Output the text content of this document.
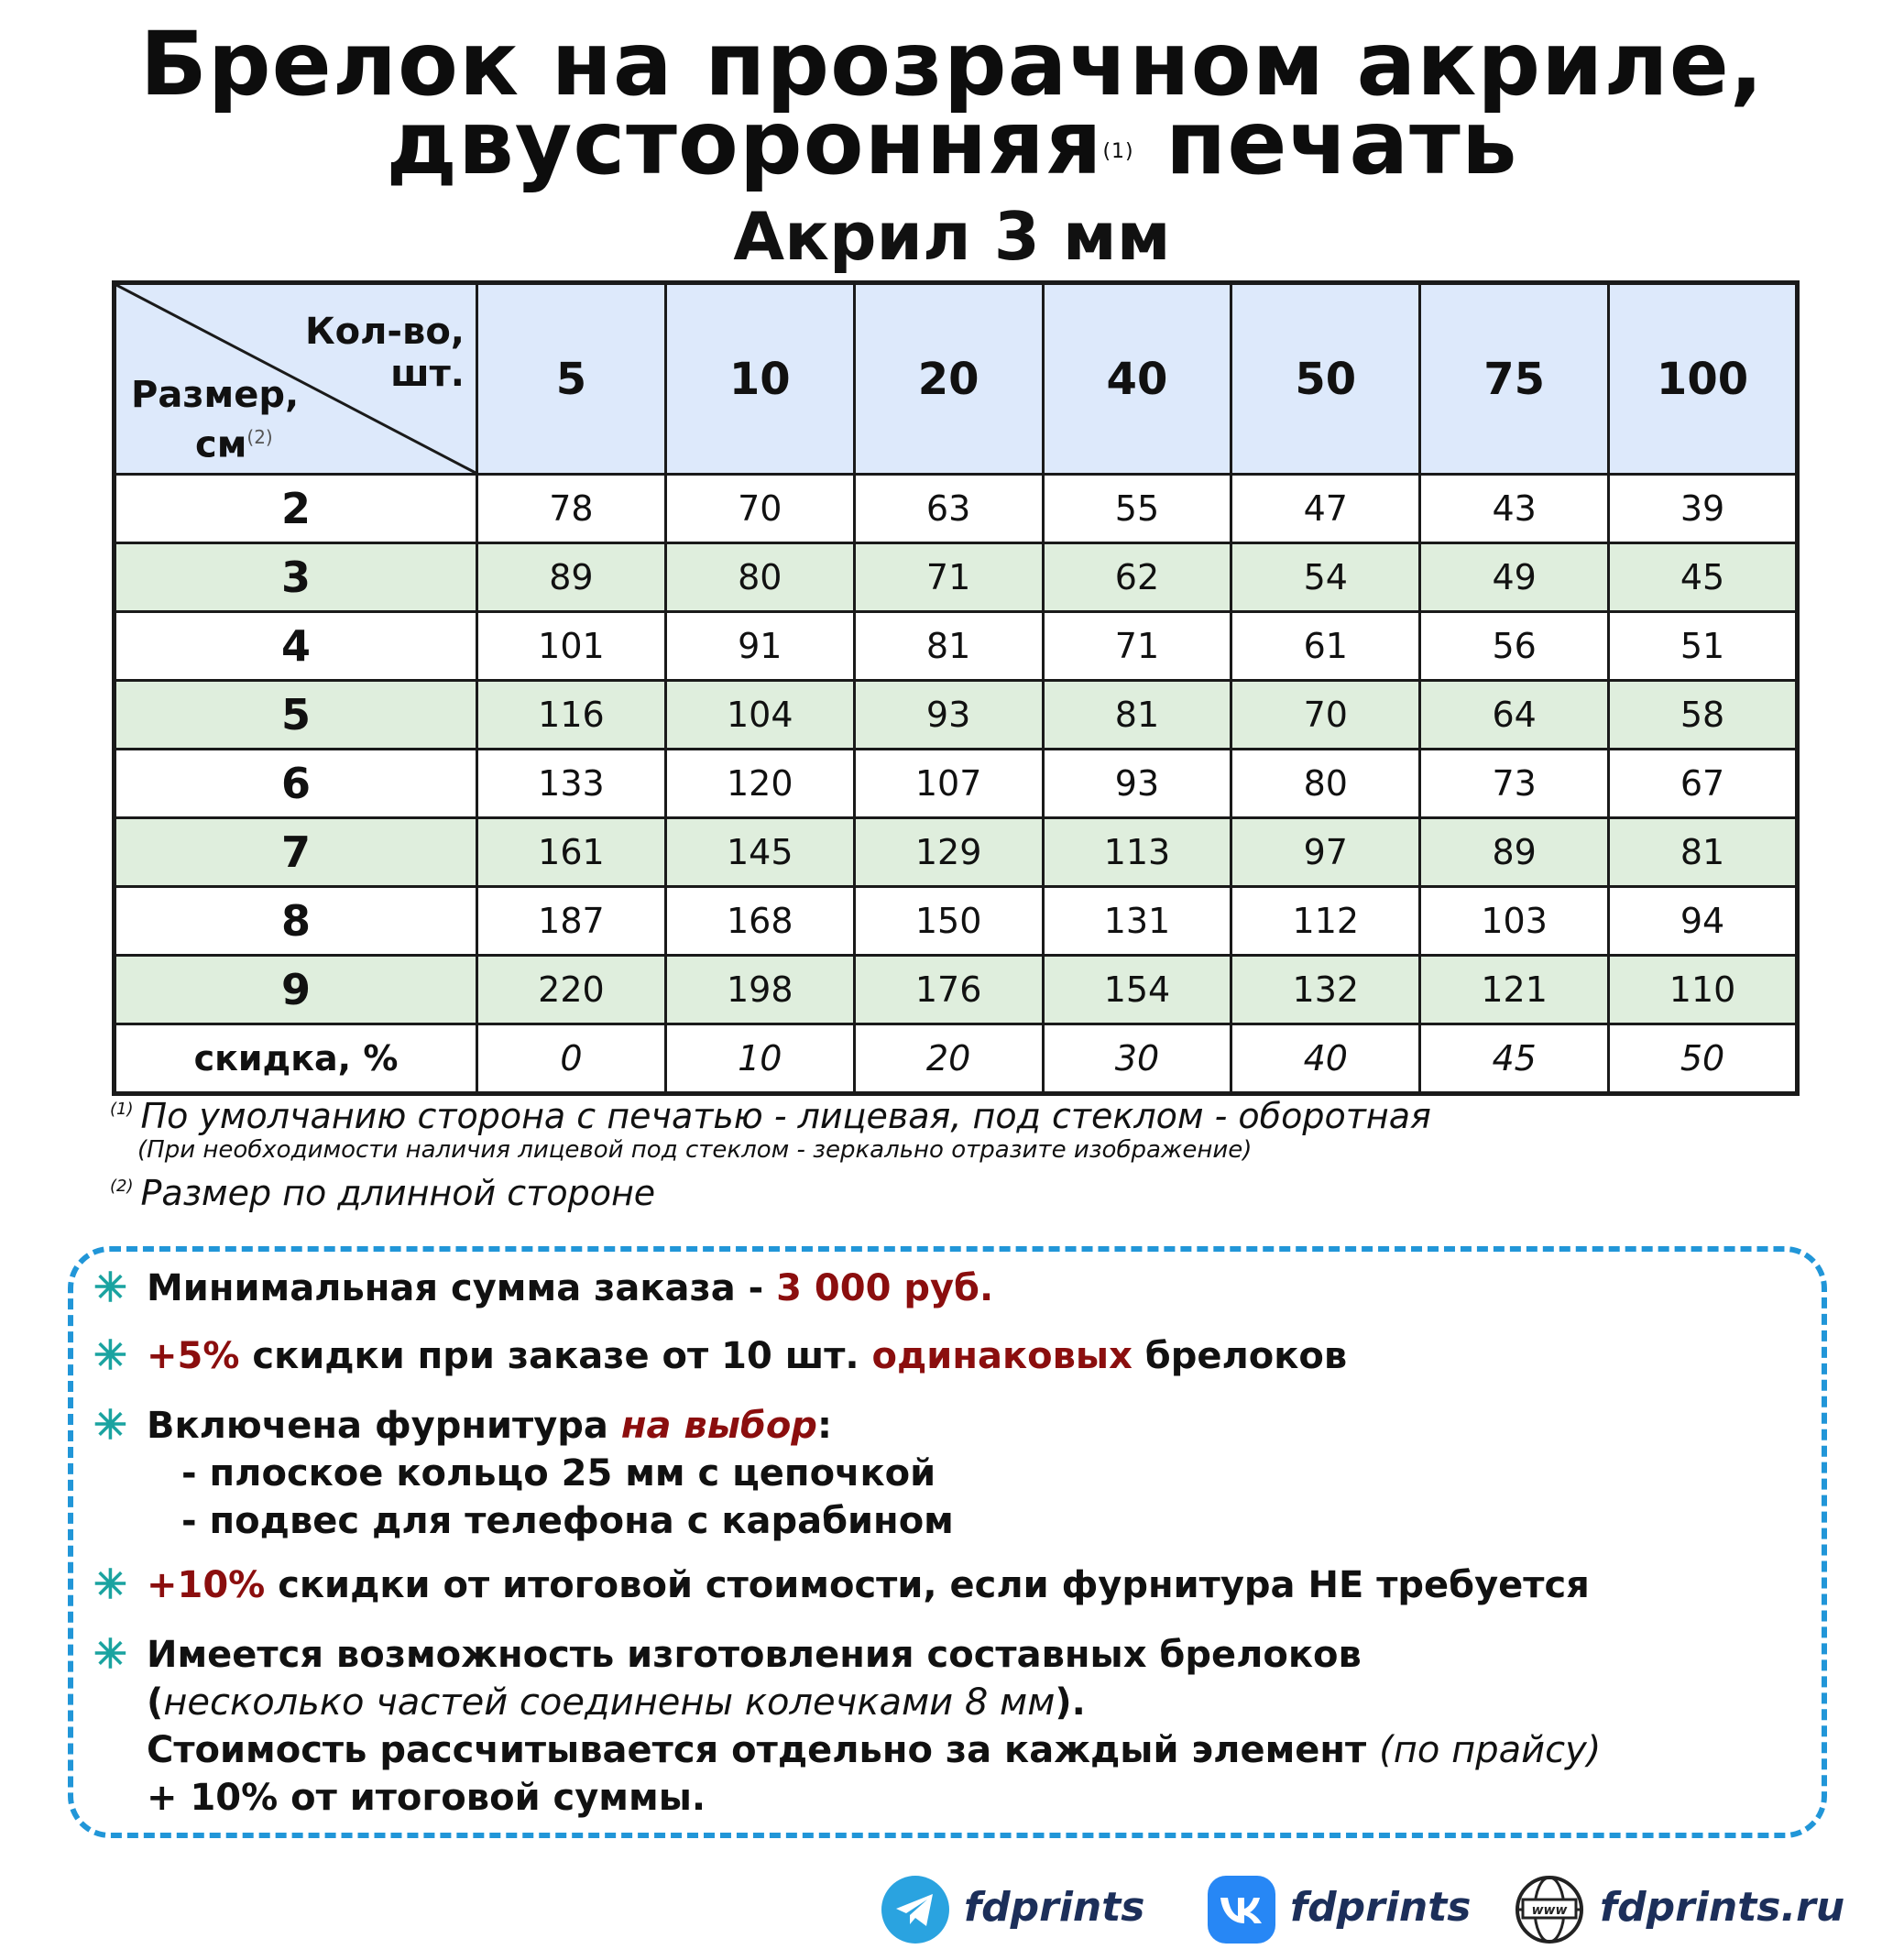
Брелок на прозрачном акриле,
двусторонняя$^{(1)}$ печать
Акрил 3 мм
Кол-во,
шт.
Размер,
$см^{(2)}$	5	10	20	40	50	75	100
2	78	70	63	55	47	43	39
3	89	80	71	62	54	49	45
4	101	91	81	71	61	56	51
5	116	104	93	81	70	64	58
6	133	120	107	93	80	73	67
7	161	145	129	113	97	89	81
8	187	168	150	131	112	103	94
9	220	198	176	154	132	121	110
скидка, %	0	10	20	30	40	45	50
$^{(1)}$ По умолчанию сторона с печатью - лицевая, под стеклом - оборотная
(При необходимости наличия лицевой под стеклом - зеркально отразите изображение)
$^{(2)}$ Размер по длинной стороне
✳ Минимальная сумма заказа - 3 000 руб.
✳ +5% скидки при заказе от 10 шт. одинаковых брелоков
✳ Включена фурнитура на выбор:
- плоское кольцо 25 мм с цепочкой
- подвес для телефона с карабином
✳ +10% скидки от итоговой стоимости, если фурнитура НЕ требуется
✳ Имеется возможность изготовления составных брелоков
(несколько частей соединены колечками 8 мм).
Стоимость рассчитывается отдельно за каждый элемент (по прайсу)
+ 10% от итоговой суммы.
fdprints	fdprints	www fdprints.ru
